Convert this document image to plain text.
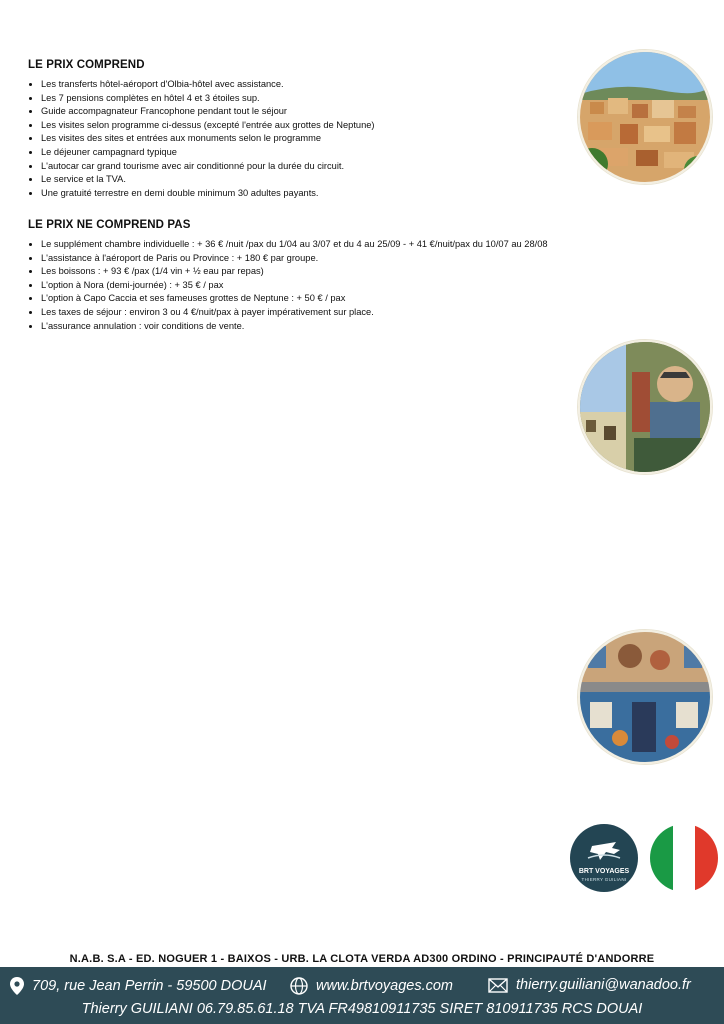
LE PRIX COMPREND
• Les transferts hôtel-aéroport d'Olbia-hôtel avec assistance.
• Les 7 pensions complètes en hôtel 4 et 3 étoiles sup.
• Guide accompagnateur Francophone pendant tout le séjour
• Les visites selon programme ci-dessus (excepté l'entrée aux grottes de Neptune)
• Les visites des sites et entrées aux monuments selon le programme
• Le déjeuner campagnard typique
• L'autocar car grand tourisme avec air conditionné pour la durée du circuit.
• Le service et la TVA.
• Une gratuité terrestre en demi double minimum 30 adultes payants.
LE PRIX NE COMPREND PAS
• Le supplément chambre individuelle : + 36 € /nuit /pax du 1/04 au 3/07 et du 4 au 25/09 - + 41 €/nuit/pax du 10/07 au 28/08
• L'assistance à l'aéroport de Paris ou Province : + 180 € par groupe.
• Les boissons : + 93 € /pax (1/4 vin + ½ eau par repas)
• L'option à Nora (demi-journée) : + 35 € / pax
• L'option à Capo Caccia et ses fameuses grottes de Neptune : + 50 € / pax
• Les taxes de séjour : environ 3 ou 4 €/nuit/pax à payer impérativement sur place.
• L'assurance annulation : voir conditions de vente.
BRT VOYAGES
THIERRY GUILIANI
N.A.B. S.A - ED. NOGUER 1 - BAIXOS - URB. LA CLOTA VERDA AD300 ORDINO - PRINCIPAUTÉ D'ANDORRE
709, rue Jean Perrin - 59500 DOUAI	www.brtvoyages.com	thierry.guiliani@wanadoo.fr
Thierry GUILIANI 06.79.85.61.18 TVA FR49810911735 SIRET 810911735 RCS DOUAI
